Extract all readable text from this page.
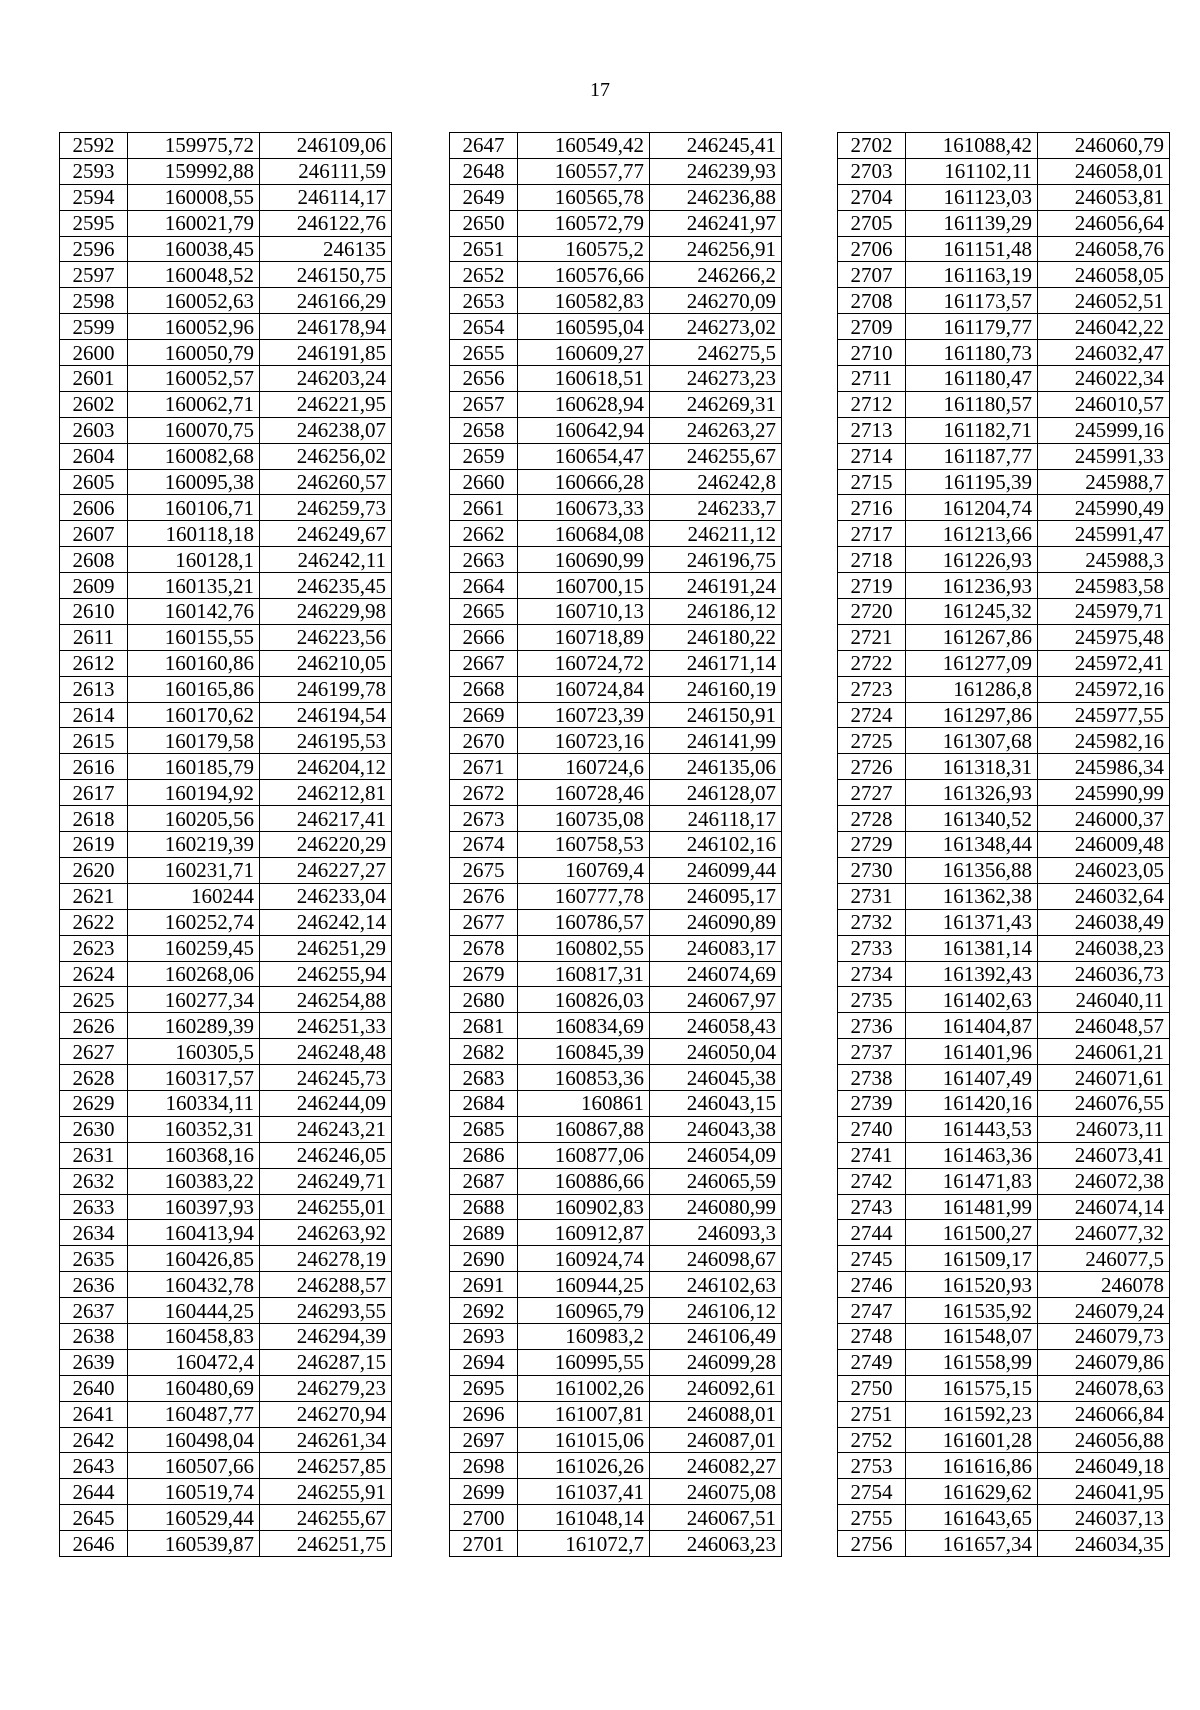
17
2592	159975,72	246109,06
2593	159992,88	246111,59
2594	160008,55	246114,17
2595	160021,79	246122,76
2596	160038,45	246135
2597	160048,52	246150,75
2598	160052,63	246166,29
2599	160052,96	246178,94
2600	160050,79	246191,85
2601	160052,57	246203,24
2602	160062,71	246221,95
2603	160070,75	246238,07
2604	160082,68	246256,02
2605	160095,38	246260,57
2606	160106,71	246259,73
2607	160118,18	246249,67
2608	160128,1	246242,11
2609	160135,21	246235,45
2610	160142,76	246229,98
2611	160155,55	246223,56
2612	160160,86	246210,05
2613	160165,86	246199,78
2614	160170,62	246194,54
2615	160179,58	246195,53
2616	160185,79	246204,12
2617	160194,92	246212,81
2618	160205,56	246217,41
2619	160219,39	246220,29
2620	160231,71	246227,27
2621	160244	246233,04
2622	160252,74	246242,14
2623	160259,45	246251,29
2624	160268,06	246255,94
2625	160277,34	246254,88
2626	160289,39	246251,33
2627	160305,5	246248,48
2628	160317,57	246245,73
2629	160334,11	246244,09
2630	160352,31	246243,21
2631	160368,16	246246,05
2632	160383,22	246249,71
2633	160397,93	246255,01
2634	160413,94	246263,92
2635	160426,85	246278,19
2636	160432,78	246288,57
2637	160444,25	246293,55
2638	160458,83	246294,39
2639	160472,4	246287,15
2640	160480,69	246279,23
2641	160487,77	246270,94
2642	160498,04	246261,34
2643	160507,66	246257,85
2644	160519,74	246255,91
2645	160529,44	246255,67
2646	160539,87	246251,75
2647	160549,42	246245,41
2648	160557,77	246239,93
2649	160565,78	246236,88
2650	160572,79	246241,97
2651	160575,2	246256,91
2652	160576,66	246266,2
2653	160582,83	246270,09
2654	160595,04	246273,02
2655	160609,27	246275,5
2656	160618,51	246273,23
2657	160628,94	246269,31
2658	160642,94	246263,27
2659	160654,47	246255,67
2660	160666,28	246242,8
2661	160673,33	246233,7
2662	160684,08	246211,12
2663	160690,99	246196,75
2664	160700,15	246191,24
2665	160710,13	246186,12
2666	160718,89	246180,22
2667	160724,72	246171,14
2668	160724,84	246160,19
2669	160723,39	246150,91
2670	160723,16	246141,99
2671	160724,6	246135,06
2672	160728,46	246128,07
2673	160735,08	246118,17
2674	160758,53	246102,16
2675	160769,4	246099,44
2676	160777,78	246095,17
2677	160786,57	246090,89
2678	160802,55	246083,17
2679	160817,31	246074,69
2680	160826,03	246067,97
2681	160834,69	246058,43
2682	160845,39	246050,04
2683	160853,36	246045,38
2684	160861	246043,15
2685	160867,88	246043,38
2686	160877,06	246054,09
2687	160886,66	246065,59
2688	160902,83	246080,99
2689	160912,87	246093,3
2690	160924,74	246098,67
2691	160944,25	246102,63
2692	160965,79	246106,12
2693	160983,2	246106,49
2694	160995,55	246099,28
2695	161002,26	246092,61
2696	161007,81	246088,01
2697	161015,06	246087,01
2698	161026,26	246082,27
2699	161037,41	246075,08
2700	161048,14	246067,51
2701	161072,7	246063,23
2702	161088,42	246060,79
2703	161102,11	246058,01
2704	161123,03	246053,81
2705	161139,29	246056,64
2706	161151,48	246058,76
2707	161163,19	246058,05
2708	161173,57	246052,51
2709	161179,77	246042,22
2710	161180,73	246032,47
2711	161180,47	246022,34
2712	161180,57	246010,57
2713	161182,71	245999,16
2714	161187,77	245991,33
2715	161195,39	245988,7
2716	161204,74	245990,49
2717	161213,66	245991,47
2718	161226,93	245988,3
2719	161236,93	245983,58
2720	161245,32	245979,71
2721	161267,86	245975,48
2722	161277,09	245972,41
2723	161286,8	245972,16
2724	161297,86	245977,55
2725	161307,68	245982,16
2726	161318,31	245986,34
2727	161326,93	245990,99
2728	161340,52	246000,37
2729	161348,44	246009,48
2730	161356,88	246023,05
2731	161362,38	246032,64
2732	161371,43	246038,49
2733	161381,14	246038,23
2734	161392,43	246036,73
2735	161402,63	246040,11
2736	161404,87	246048,57
2737	161401,96	246061,21
2738	161407,49	246071,61
2739	161420,16	246076,55
2740	161443,53	246073,11
2741	161463,36	246073,41
2742	161471,83	246072,38
2743	161481,99	246074,14
2744	161500,27	246077,32
2745	161509,17	246077,5
2746	161520,93	246078
2747	161535,92	246079,24
2748	161548,07	246079,73
2749	161558,99	246079,86
2750	161575,15	246078,63
2751	161592,23	246066,84
2752	161601,28	246056,88
2753	161616,86	246049,18
2754	161629,62	246041,95
2755	161643,65	246037,13
2756	161657,34	246034,35
